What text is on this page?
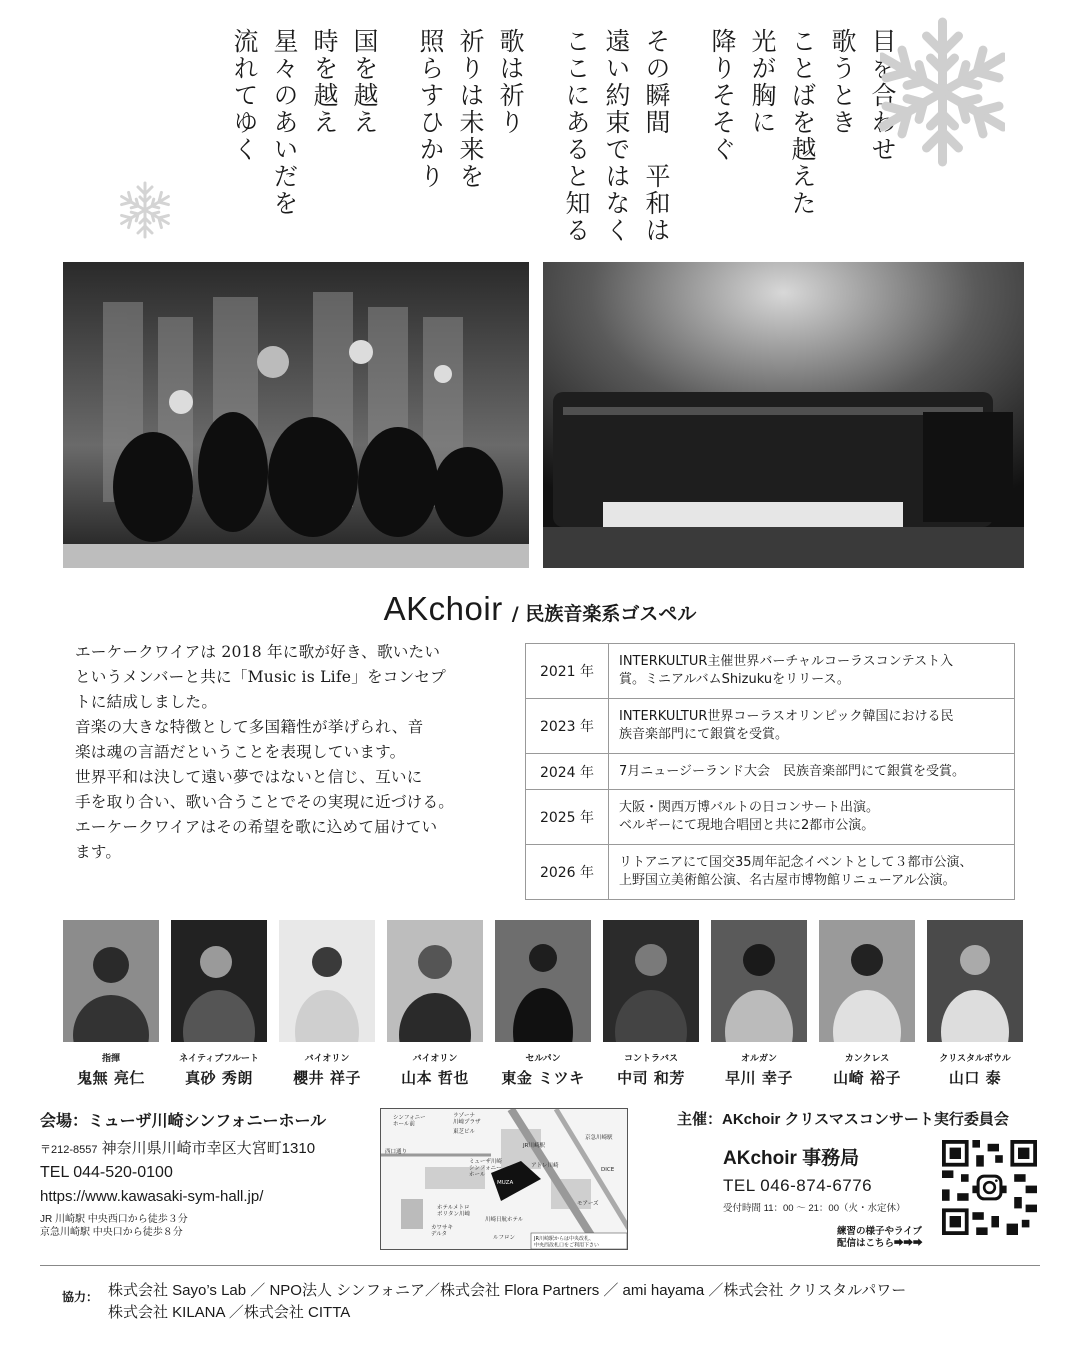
目を合わせ
歌うとき
ことばを越えた
光が胸に
降りそそぐ
その瞬間　平和は
遠い約束ではなく
ここにあると知る
歌は祈り
祈りは未来を
照らすひかり
国を越え
時を越え
星々のあいだを
流れてゆく
AKchoir / 民族音楽系ゴスペル

エーケークワイアは 2018 年に歌が好き、歌いたい
というメンバーと共に「Music is Life」をコンセプ
トに結成しました。

音楽の大きな特徴として多国籍性が挙げられ、音
楽は魂の言語だということを表現しています。

世界平和は決して遠い夢ではないと信じ、互いに
手を取り合い、歌い合うことでその実現に近づける。

エーケークワイアはその希望を歌に込めて届けてい
ます。

2021 年	INTERKULTUR主催世界バーチャルコーラスコンテスト入
賞。ミニアルバムShizukuをリリース。
2023 年	INTERKULTUR世界コーラスオリンピック韓国における民
族音楽部門にて銀賞を受賞。
2024 年	7月ニュージーランド大会　民族音楽部門にて銀賞を受賞。
2025 年	大阪・関西万博バルトの日コンサート出演。
ベルギーにて現地合唱団と共に2都市公演。
2026 年	リトアニアにて国交35周年記念イベントとして３都市公演、
上野国立美術館公演、名古屋市博物館リニューアル公演。
指揮
鬼無 亮仁
ネイティブフルート
真砂 秀朗
バイオリン
櫻井 祥子
バイオリン
山本 哲也
セルパン
東金 ミツキ
コントラバス
中司 和芳
オルガン
早川 幸子
カンクレス
山崎 裕子
クリスタルボウル
山口 泰
会場：ミューザ川崎シンフォニーホール
〒212-8557 神奈川県川崎市幸区大宮町1310
TEL 044-520-0100
https://www.kawasaki-sym-hall.jp/
JR 川崎駅 中央西口から徒歩３分
京急川崎駅 中央口から徒歩８分
シンフォニーホール前
ラゾーナ川崎プラザ
東芝ビル
西口通り
ミューザ川崎シンフォニーホール
MUZA
ホテルメトロポリタン川崎
アトレ川崎
川崎日航ホテル
JR川崎駅
京急川崎駅
DICE
モアーズ
カワサキデルタ
ルフロン	JR川崎駅からは中央改札、中央西改札口をご利用下さい
主催：AKchoir クリスマスコンサート実行委員会
AKchoir 事務局
TEL 046-874-6776
受付時間 11：00 ～ 21：00（火・水定休）
練習の様子やライブ
配信はこちら➡➡➡
協力： 株式会社 Sayo’s Lab ／ NPO法人 シンフォニア／株式会社 Flora Partners ／ ami hayama ／株式会社 クリスタルパワー
株式会社 KILANA ／株式会社 CITTA
